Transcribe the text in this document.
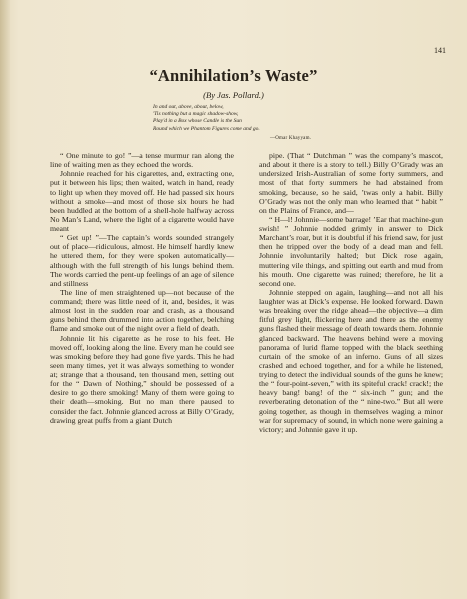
141
“Annihilation’s Waste”
(By Jas. Pollard.)
In and out, above, about, below,
'Tis nothing but a magic shadow-show,
Play'd in a Box whose Candle is the Sun
Round which we Phantom Figures come and go.
—Omar Khayyam.

“ One minute to go! ”—a tense murmur ran along the line of waiting men as they echoed the words.

Johnnie reached for his cigarettes, and, extracting one, put it between his lips; then waited, watch in hand, ready to light up when they moved off. He had passed six hours without a smoke—and most of those six hours he had been huddled at the bottom of a shell-hole halfway across No Man’s Land, where the light of a cigarette would have meant

“ Get up! ”—The captain’s words sounded strangely out of place—ridiculous, almost. He himself hardly knew he uttered them, for they were spoken automatically—although with the full strength of his lungs behind them. The words carried the pent-up feelings of an age of silence and stillness

The line of men straightened up—not because of the command; there was little need of it, and, besides, it was almost lost in the sudden roar and crash, as a thousand guns behind them drummed into action together, belching flame and smoke out of the night over a field of death.

Johnnie lit his cigarette as he rose to his feet. He moved off, looking along the line. Every man he could see was smoking before they had gone five yards. This he had seen many times, yet it was always something to wonder at; strange that a thousand, ten thousand men, setting out for the “ Dawn of Nothing,” should be possessed of a desire to go there smoking! Many of them were going to their death—smoking. But no man there paused to consider the fact. Johnnie glanced across at Billy O’Grady, drawing great puffs from a giant Dutch

pipe. (That “ Dutchman ” was the company’s mascot, and about it there is a story to tell.) Billy O’Grady was an undersized Irish-Australian of some forty summers, and most of that forty summers he had abstained from smoking, because, so he said, ’twas only a habit. Billy O’Grady was not the only man who learned that “ habit ” on the Plains of France, and—

“ H—l! Johnnie—some barrage! ’Ear that machine-gun swish! ” Johnnie nodded grimly in answer to Dick Marchant’s roar, but it is doubtful if his friend saw, for just then he tripped over the body of a dead man and fell. Johnnie involuntarily halted; but Dick rose again, muttering vile things, and spitting out earth and mud from his mouth. One cigarette was ruined; therefore, he lit a second one.

Johnnie stepped on again, laughing—and not all his laughter was at Dick’s expense. He looked forward. Dawn was breaking over the ridge ahead—the objective—a dim fitful grey light, flickering here and there as the enemy guns flashed their message of death towards them. Johnnie glanced backward. The heavens behind were a moving panorama of lurid flame topped with the black seething curtain of the smoke of an inferno. Guns of all sizes crashed and echoed together, and for a while he listened, trying to detect the individual sounds of the guns he knew; the “ four-point-seven,” with its spiteful crack! crack!; the heavy bang! bang! of the “ six-inch ” gun; and the reverberating detonation of the “ nine-two.” But all were going together, as though in themselves waging a minor war for supremacy of sound, in which none were gaining a victory; and Johnnie gave it up.
